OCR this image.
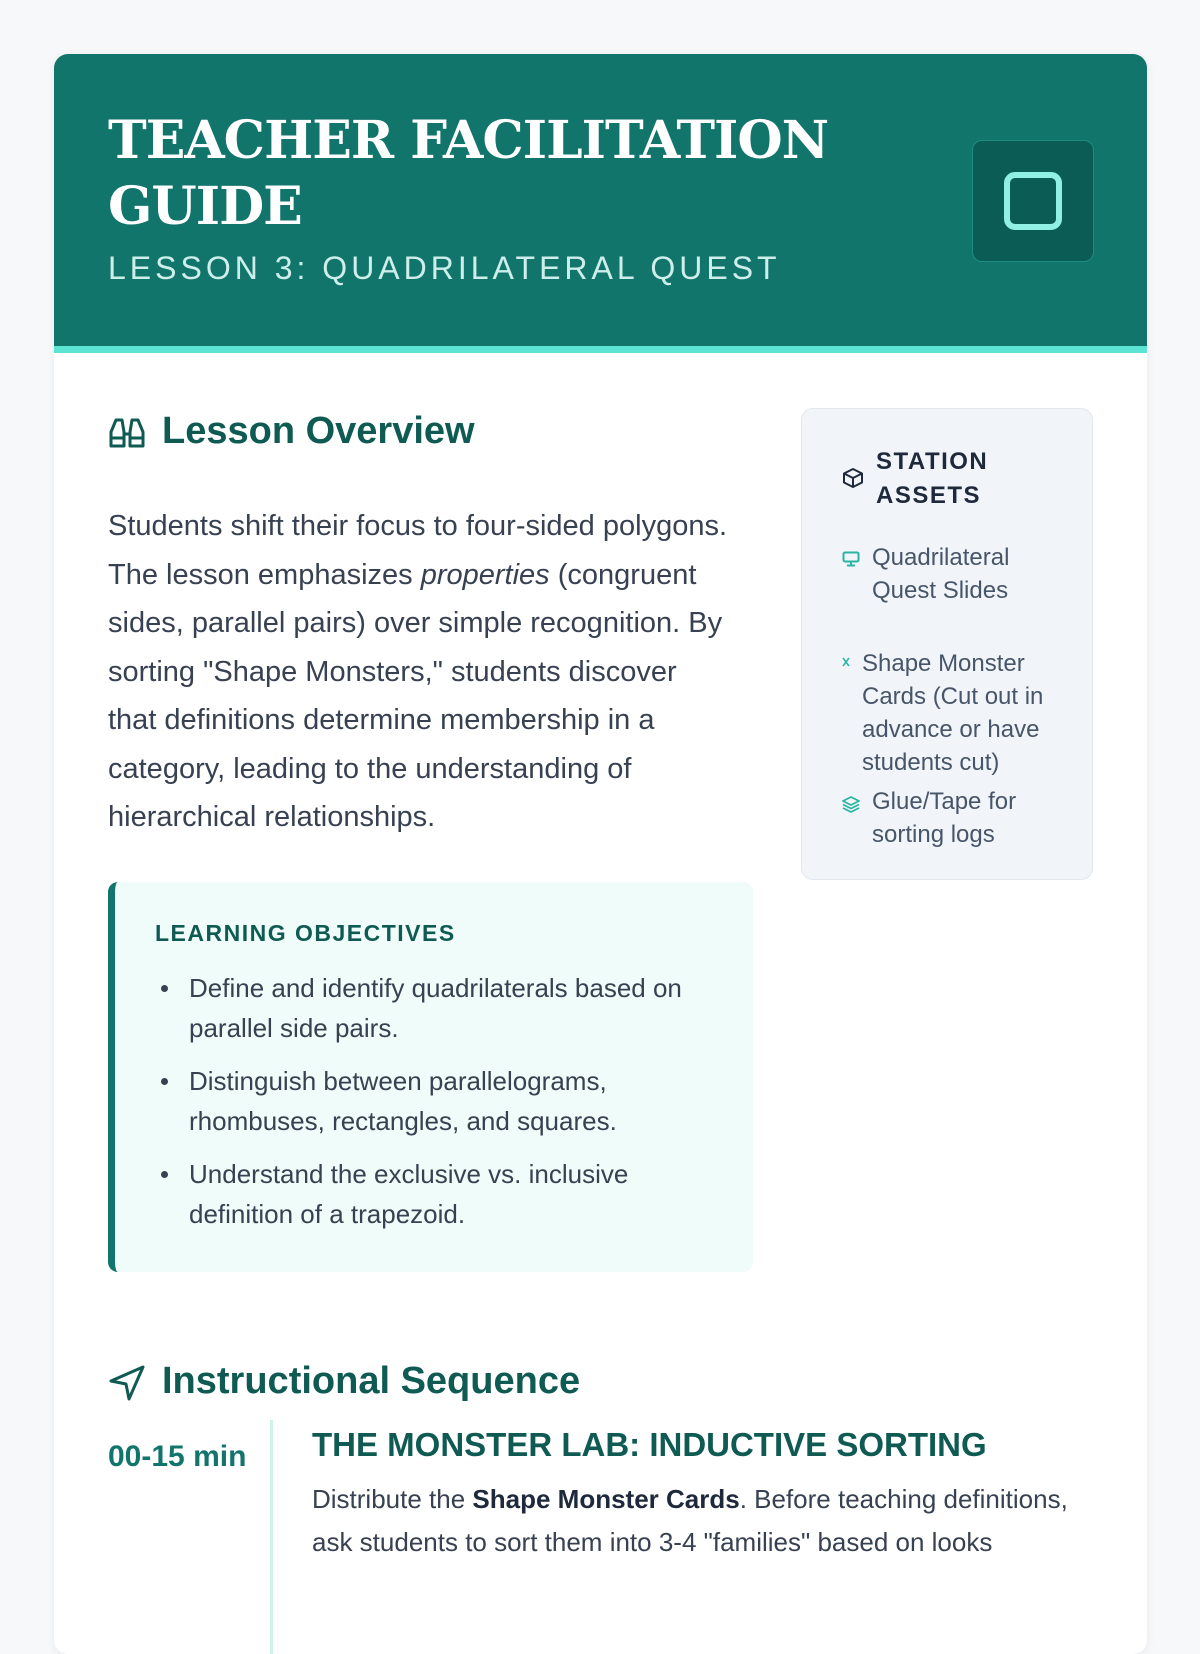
TEACHER FACILITATION GUIDE
LESSON 3: QUADRILATERAL QUEST
Lesson Overview

Students shift their focus to four-sided polygons. The lesson emphasizes properties (congruent sides, parallel pairs) over simple recognition. By sorting "Shape Monsters," students discover that definitions determine membership in a category, leading to the understanding of hierarchical relationships.

LEARNING OBJECTIVES
Define and identify quadrilaterals based on parallel side pairs.
Distinguish between parallelograms, rhombuses, rectangles, and squares.
Understand the exclusive vs. inclusive definition of a trapezoid.
STATION ASSETS
Quadrilateral Quest Slides
Shape Monster Cards (Cut out in advance or have students cut)
Glue/Tape for sorting logs
Instructional Sequence
00-15 min THE MONSTER LAB: INDUCTIVE SORTING

Distribute the Shape Monster Cards. Before teaching definitions, ask students to sort them into 3-4 "families" based on looks
